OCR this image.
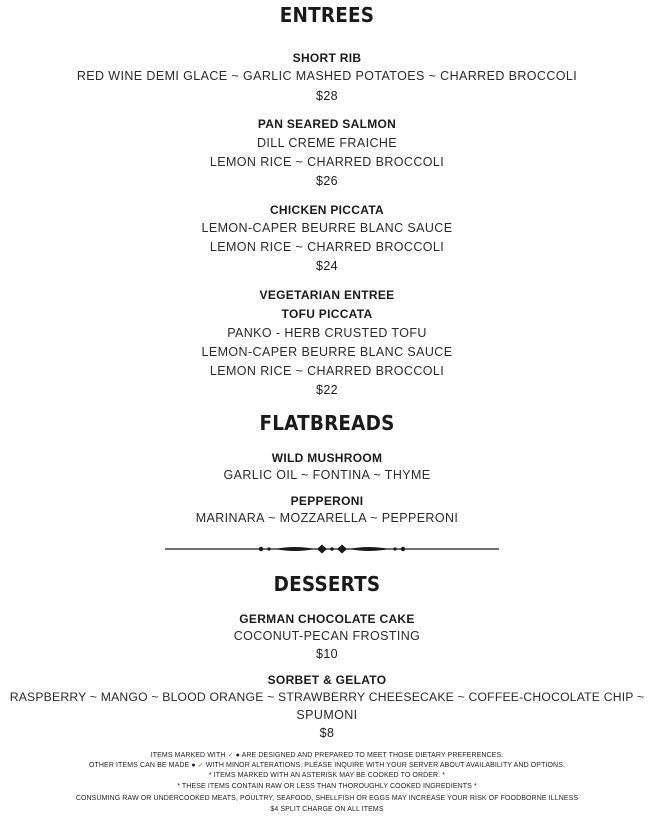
ENTREES
SHORT RIB
RED WINE DEMI GLACE ~ GARLIC MASHED POTATOES ~ CHARRED BROCCOLI
$28
PAN SEARED SALMON
DILL CREME FRAICHE
LEMON RICE ~ CHARRED BROCCOLI
$26
CHICKEN PICCATA
LEMON-CAPER BEURRE BLANC SAUCE
LEMON RICE ~ CHARRED BROCCOLI
$24
VEGETARIAN ENTREE
TOFU PICCATA
PANKO - HERB CRUSTED TOFU
LEMON-CAPER BEURRE BLANC SAUCE
LEMON RICE ~ CHARRED BROCCOLI
$22
FLATBREADS
WILD MUSHROOM
GARLIC OIL ~ FONTINA ~ THYME
PEPPERONI
MARINARA ~ MOZZARELLA ~ PEPPERONI
DESSERTS
GERMAN CHOCOLATE CAKE
COCONUT-PECAN FROSTING
$10
SORBET & GELATO
RASPBERRY ~ MANGO ~ BLOOD ORANGE ~ STRAWBERRY CHEESECAKE ~ COFFEE-CHOCOLATE CHIP ~
SPUMONI
$8
ITEMS MARKED WITH ✓ ● ARE DESIGNED AND PREPARED TO MEET THOSE DIETARY PREFERENCES.
OTHER ITEMS CAN BE MADE ● ✓ WITH MINOR ALTERATIONS. PLEASE INQUIRE WITH YOUR SERVER ABOUT AVAILABILITY AND OPTIONS.
* ITEMS MARKED WITH AN ASTERISK MAY BE COOKED TO ORDER. *
* THESE ITEMS CONTAIN RAW OR LESS THAN THOROUGHLY COOKED INGREDIENTS *
CONSUMING RAW OR UNDERCOOKED MEATS, POULTRY, SEAFOOD, SHELLFISH OR EGGS MAY INCREASE YOUR RISK OF FOODBORNE ILLNESS
$4 SPLIT CHARGE ON ALL ITEMS
